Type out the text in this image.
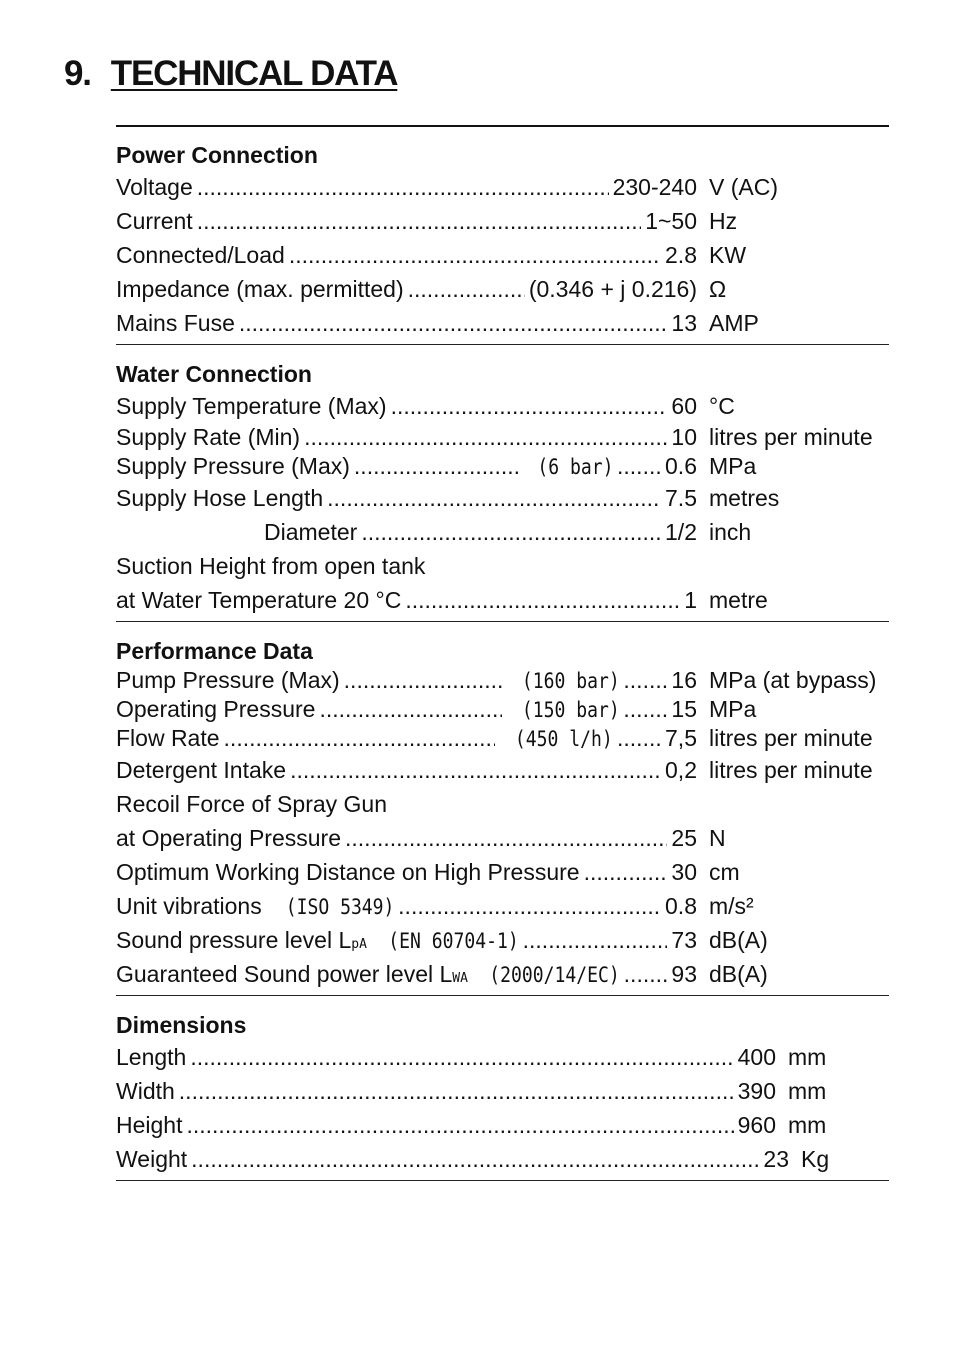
9. TECHNICAL DATA
Power Connection
Voltage .....	230-240 V (AC)
Current .....	1~50 Hz
Connected/Load .....	2.8 KW
Impedance (max. permitted) .....	(0.346 + j 0.216) Ω
Mains Fuse .....	13 AMP
Water Connection
Supply Temperature (Max) .....	60 °C
Supply Rate (Min) .....	10 litres per minute
Supply Pressure (Max) .....	(6 bar) ..... 0.6 MPa
Supply Hose Length .....	7.5 metres
Diameter .....	1/2 inch
Suction Height from open tank
at Water Temperature 20 °C .....	1 metre
Performance Data
Pump Pressure (Max) .....	(160 bar) ..... 16 MPa (at bypass)
Operating Pressure .....	(150 bar) ..... 15 MPa
Flow Rate .....	(450 l/h) ..... 7,5 litres per minute
Detergent Intake .....	0,2 litres per minute
Recoil Force of Spray Gun
at Operating Pressure .....	25 N
Optimum Working Distance on High Pressure .....	30 cm
Unit vibrations (ISO 5349) .....	0.8 m/s²
Sound pressure level L pA (EN 60704-1) .....	73 dB(A)
Guaranteed Sound power level L WA (2000/14/EC) ..... 93 dB(A)
Dimensions
Length .....	400 mm
Width .....	390 mm
Height .....	960 mm
Weight .....	23 Kg
